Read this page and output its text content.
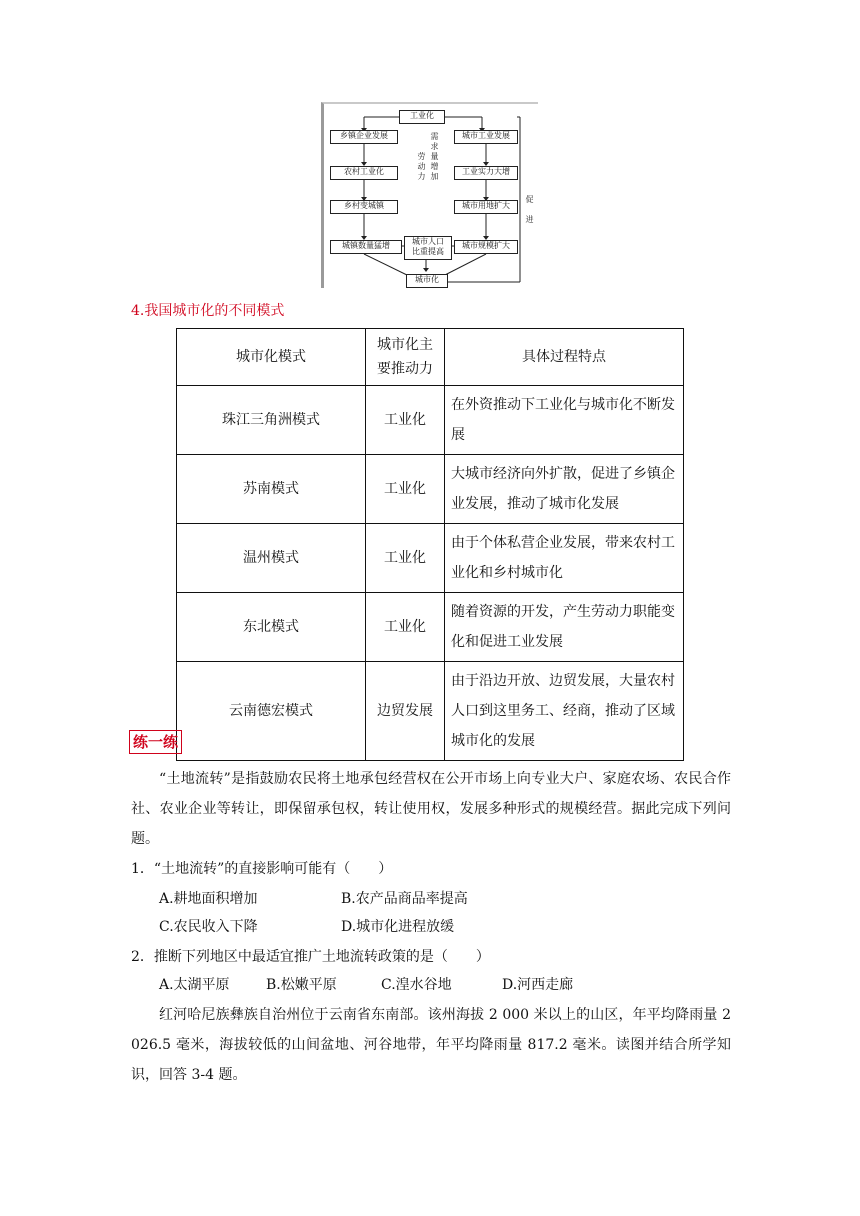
工业化
乡镇企业发展
农村工业化
乡村变城镇
城镇数量猛增	城市人口
比重提高
城市工业发展
工业实力大增
城市用地扩大
城市规模扩大
城市化
劳动力
需求量增加
促进
4.我国城市化的不同模式
城市化模式	城市化主要推动力	具体过程特点
珠江三角洲模式	工业化	在外资推动下工业化与城市化不断发展
苏南模式	工业化	大城市经济向外扩散，促进了乡镇企业发展，推动了城市化发展
温州模式	工业化	由于个体私营企业发展，带来农村工业化和乡村城市化
东北模式	工业化	随着资源的开发，产生劳动力职能变化和促进工业发展
云南德宏模式	边贸发展	由于沿边开放、边贸发展，大量农村人口到这里务工、经商，推动了区域城市化的发展
练一练
“土地流转”是指鼓励农民将土地承包经营权在公开市场上向专业大户、家庭农场、农民合作社、农业企业等转让，即保留承包权，转让使用权，发展多种形式的规模经营。据此完成下列问题。
1．“土地流转”的直接影响可能有（　　）
A.耕地面积增加	B.农产品商品率提高
C.农民收入下降	D.城市化进程放缓
2．推断下列地区中最适宜推广土地流转政策的是（　　）
A.太湖平原	B.松嫩平原	C.湟水谷地	D.河西走廊
红河哈尼族彝族自治州位于云南省东南部。该州海拔 2 000 米以上的山区，年平均降雨量 2 026.5 毫米，海拔较低的山间盆地、河谷地带，年平均降雨量 817.2 毫米。读图并结合所学知识，回答 3-4 题。
